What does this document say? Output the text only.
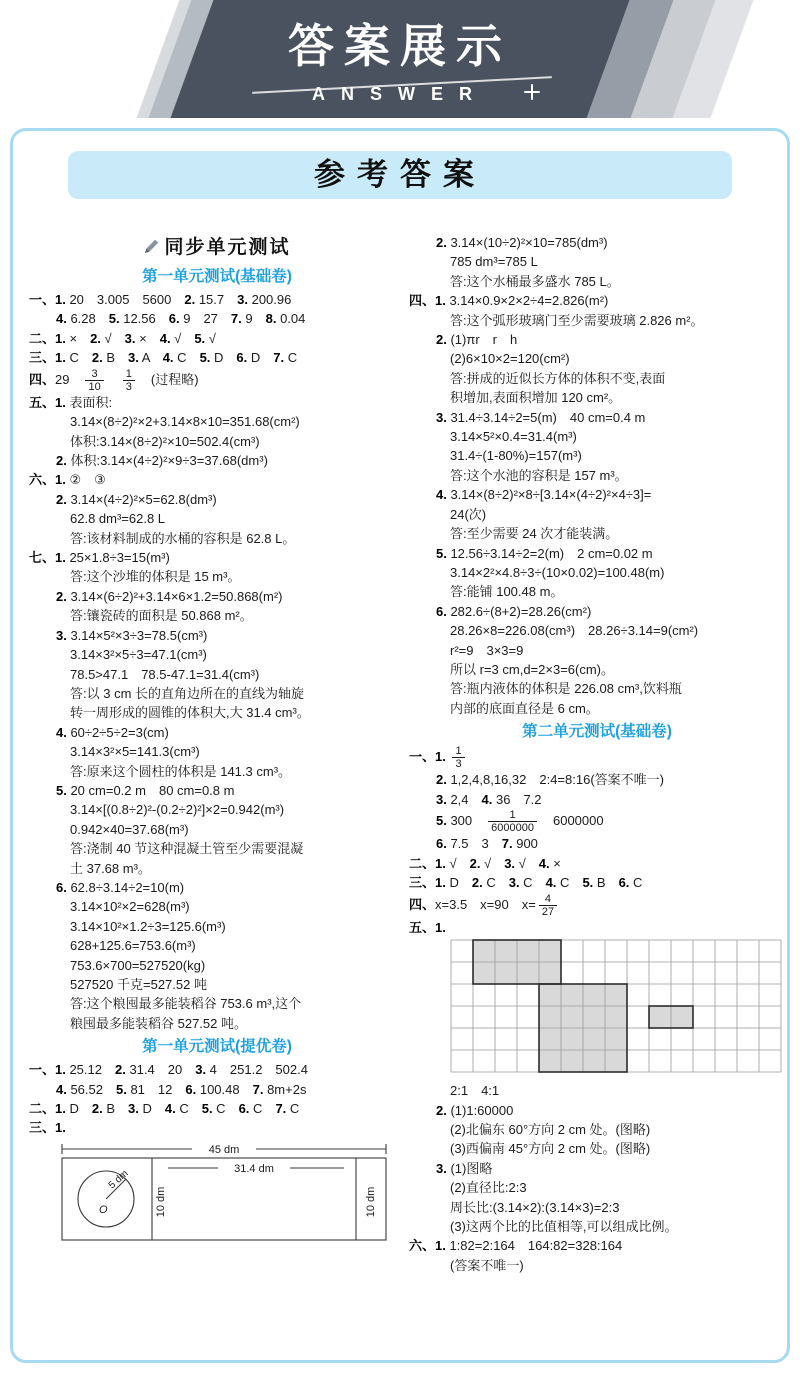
答案展示
ANSWER
参考答案
同步单元测试
第一单元测试(基础卷)
一、1. 20　3.005　5600　2. 15.7　3. 200.96
4. 6.28　5. 12.56　6. 9　27　7. 9　8. 0.04
二、1. ×　2. √　3. ×　4. √　5. √
三、1. C　2. B　3. A　4. C　5. D　6. D　7. C
四、29　 $\frac{3}{10}$
　 $\frac{1}{3}$ 　(过程略)
五、1. 表面积:
3.14×(8÷2)²×2+3.14×8×10=351.68(cm²)
体积:3.14×(8÷2)²×10=502.4(cm³)
2. 体积:3.14×(4÷2)²×9÷3=37.68(dm³)
六、1. ②　③
2. 3.14×(4÷2)²×5=62.8(dm³)
62.8 dm³=62.8 L
答:该材料制成的水桶的容积是 62.8 L。
七、1. 25×1.8÷3=15(m³)
答:这个沙堆的体积是 15 m³。
2. 3.14×(6÷2)²+3.14×6×1.2=50.868(m²)
答:镶瓷砖的面积是 50.868 m²。
3. 3.14×5²×3÷3=78.5(cm³)
3.14×3²×5÷3=47.1(cm³)
78.5>47.1　78.5-47.1=31.4(cm³)
答:以 3 cm 长的直角边所在的直线为轴旋
转一周形成的圆锥的体积大,大 31.4 cm³。
4. 60÷2÷5÷2=3(cm)
3.14×3²×5=141.3(cm³)
答:原来这个圆柱的体积是 141.3 cm³。
5. 20 cm=0.2 m　80 cm=0.8 m
3.14×[(0.8÷2)²-(0.2÷2)²]×2=0.942(m³)
0.942×40=37.68(m³)
答:浇制 40 节这种混凝土管至少需要混凝
土 37.68 m³。
6. 62.8÷3.14÷2=10(m)
3.14×10²×2=628(m³)
3.14×10²×1.2÷3=125.6(m³)
628+125.6=753.6(m³)
753.6×700=527520(kg)
527520 千克=527.52 吨
答:这个粮囤最多能装稻谷 753.6 m³,这个
粮囤最多能装稻谷 527.52 吨。
第一单元测试(提优卷)
一、1. 25.12　2. 31.4　20　3. 4　251.2　502.4
4. 56.52　5. 81　12　6. 100.48　7. 8m+2s
二、1. D　2. B　3. D　4. C　5. C　6. C　7. C
三、1.
45 dm
5 dm
O
31.4 dm
10 dm	10 dm
2. 3.14×(10÷2)²×10=785(dm³)
785 dm³=785 L
答:这个水桶最多盛水 785 L。
四、1. 3.14×0.9×2×2÷4=2.826(m²)
答:这个弧形玻璃门至少需要玻璃 2.826 m²。
2. (1)πr　r　h
(2)6×10×2=120(cm²)
答:拼成的近似长方体的体积不变,表面
积增加,表面积增加 120 cm²。
3. 31.4÷3.14÷2=5(m)　40 cm=0.4 m
3.14×5²×0.4=31.4(m³)
31.4÷(1-80%)=157(m³)
答:这个水池的容积是 157 m³。
4. 3.14×(8÷2)²×8÷[3.14×(4÷2)²×4÷3]=
24(次)
答:至少需要 24 次才能装满。
5. 12.56÷3.14÷2=2(m)　2 cm=0.02 m
3.14×2²×4.8÷3÷(10×0.02)=100.48(m)
答:能铺 100.48 m。
6. 282.6÷(8+2)=28.26(cm²)
28.26×8=226.08(cm³)　28.26÷3.14=9(cm²)
r²=9　3×3=9
所以 r=3 cm,d=2×3=6(cm)。
答:瓶内液体的体积是 226.08 cm³,饮料瓶
内部的底面直径是 6 cm。
第二单元测试(基础卷)
一、1. $\frac{1}{3}$
2. 1,2,4,8,16,32　2:4=8:16(答案不唯一)
3. 2,4　4. 36　7.2
5. 300　 $\frac{1}{6000000}$ 　6000000
6. 7.5　3　7. 900
二、1. √　2. √　3. √　4. ×
三、1. D　2. C　3. C　4. C　5. B　6. C
四、x=3.5　x=90　$x= \frac{4}{27}$
五、1.
2:1　4:1
2. (1)1:60000
(2)北偏东 60°方向 2 cm 处。(图略)
(3)西偏南 45°方向 2 cm 处。(图略)
3. (1)图略
(2)直径比:2:3
周长比:(3.14×2):(3.14×3)=2:3
(3)这两个比的比值相等,可以组成比例。
六、1. 1:82=2:164　164:82=328:164
(答案不唯一)
